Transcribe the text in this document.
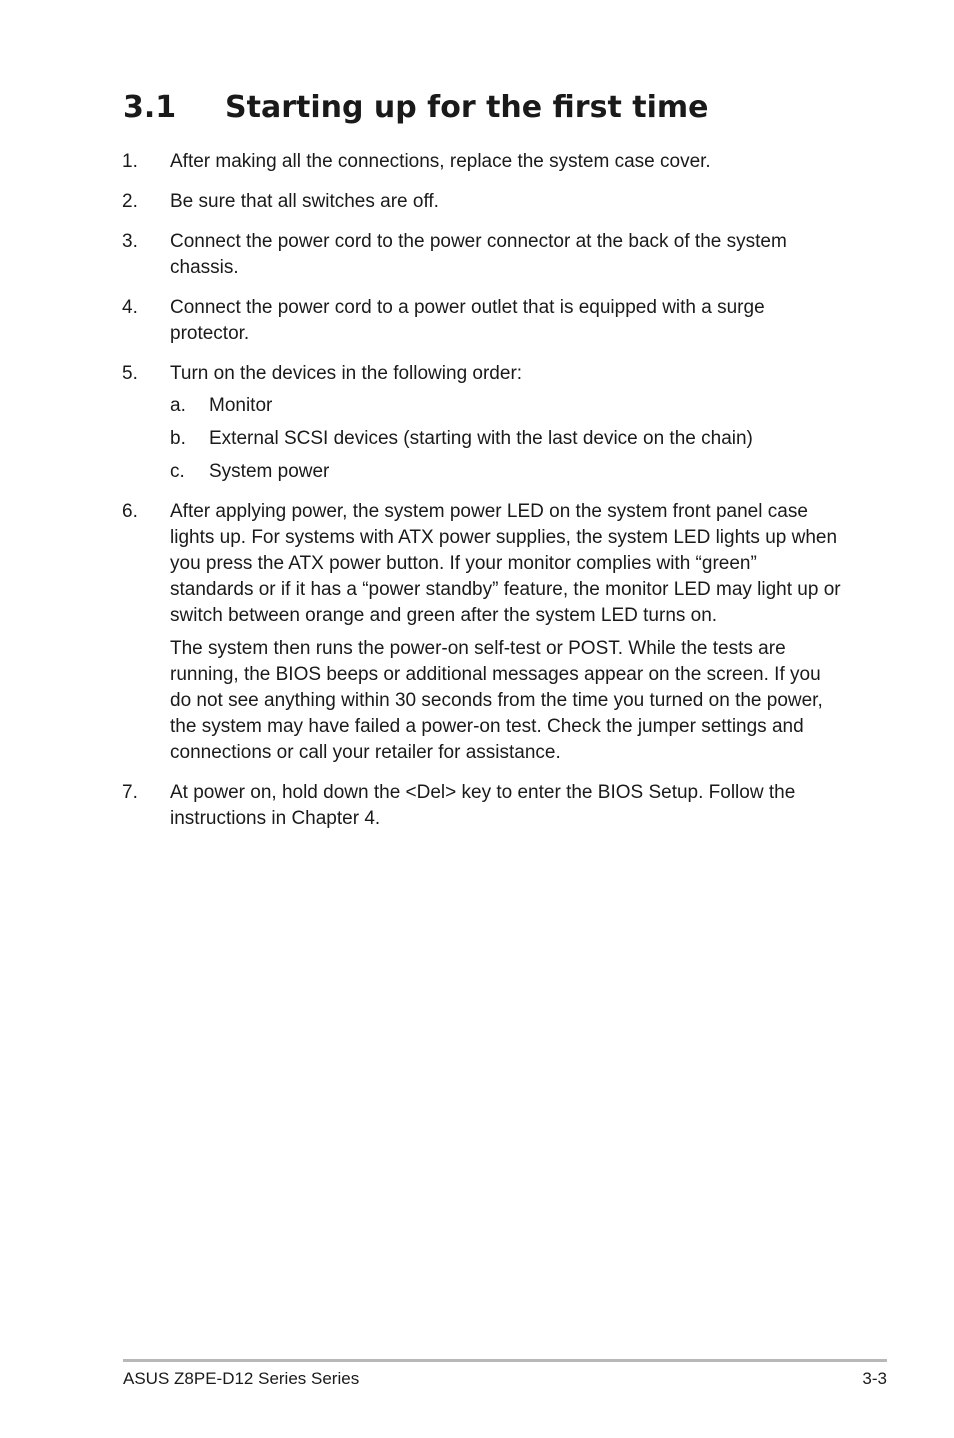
3.1 Starting up for the first time
1.	After making all the connections, replace the system case cover.

2.	Be sure that all switches are off.

3.	Connect the power cord to the power connector at the back of the system chassis.

4.	Connect the power cord to a power outlet that is equipped with a surge protector.

5.	Turn on the devices in the following order:

a.	Monitor
b.	External SCSI devices (starting with the last device on the chain)
c.	System power
6.	After applying power, the system power LED on the system front panel case lights up. For systems with ATX power supplies, the system LED lights up when you press the ATX power button. If your monitor complies with “green” standards or if it has a “power standby” feature, the monitor LED may light up or switch between orange and green after the system LED turns on.

The system then runs the power-on self-test or POST. While the tests are running, the BIOS beeps or additional messages appear on the screen. If you do not see anything within 30 seconds from the time you turned on the power, the system may have failed a power-on test. Check the jumper settings and connections or call your retailer for assistance.

7.	At power on, hold down the <Del> key to enter the BIOS Setup. Follow the instructions in Chapter 4.

ASUS Z8PE-D12 Series Series	3-3
